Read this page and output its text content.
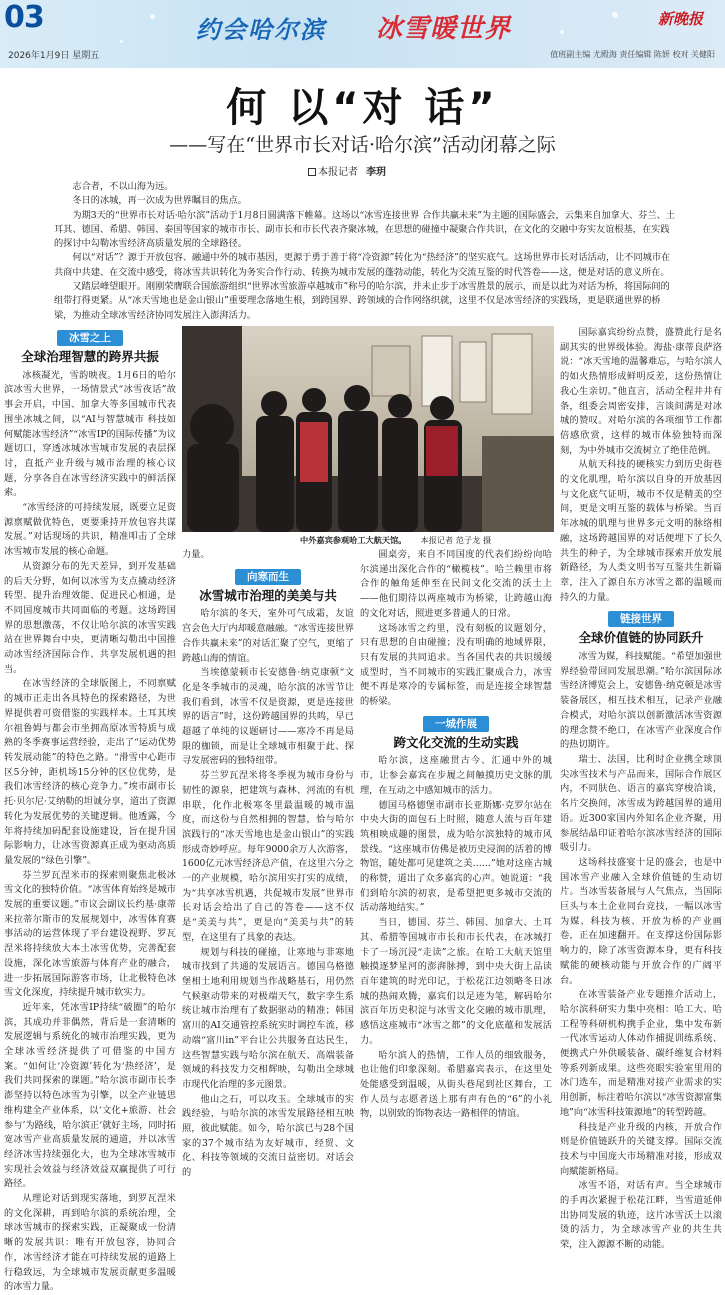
03	约会哈尔滨 冰雪暖世界	新晚报
2026年1月9日 星期五	值班副主编 尤殿海 责任编辑 陈妍 校对 关健阳
何 以“对 话”
——写在“世界市长对话·哈尔滨”活动闭幕之际
本报记者 李玥

志合者，不以山海为远。

冬日的冰城，再一次成为世界瞩目的焦点。

为期3天的“世界市长对话·哈尔滨”活动于1月8日圆满落下帷幕。这场以“冰雪连接世界 合作共赢未来”为主题的国际盛会，云集来自加拿大、芬兰、土耳其、德国、希腊、韩国、泰国等国家的城市市长、副市长和市长代表齐聚冰城，在思想的碰撞中凝聚合作共识，在文化的交融中夯实友谊根基，在实践的探讨中勾勒冰雪经济高质量发展的全球路径。

何以“对话”？源于开放包容、融通中外的城市基因，更源于勇于善于将“冷资源”转化为“热经济”的坚实底气。这场世界市长对话活动，让不同城市在共商中共建、在交流中感受，将冰雪共识转化为务实合作行动、转换为城市发展的蓬勃动能，转化为交流互鉴的时代答卷——这，便是对话的意义所在。

又踏层峰望眼开。刚刚荣膺联合国旅游组织“世界冰雪旅游卓越城市”称号的哈尔滨，并未止步于冰雪胜景的展示，而是以此为对话为桥，将国际间的组带打得更紧。从“冰天雪地也是金山银山”重要理念落地生根，到跨国界、跨领域的合作网络织就，这里不仅是冰雪经济的实践场，更是联通世界的桥梁，为推动全球冰雪经济协同发展注入澎湃活力。

冰雪之上
全球治理智慧的跨界共振

冰核凝光，雪韵映夜。1月6日的哈尔滨冰雪大世界，一场情景式“冰雪夜话”故事会开启，中国、加拿大等多国城市代表围坐冰城之间，以“AI与智慧城市 科技如何赋能冰雪经济”“冰雪IP的国际传播”为议题切口，穿透冰城冰雪城市发展的表层探讨，直抵产业升级与城市治理的核心议题，分享各自在冰雪经济实践中的鲜活探索。

“冰雪经济的可持续发展，既要立足资源禀赋做优特色，更要秉持开放包容共谋发展。”对话现场的共识，精准叩击了全球冰雪城市发展的核心命题。

从资源分布的先天差异，到开发基础的后天分野，如何以冰雪为支点撬动经济转型、提升治理效能、促进民心相通，是不同国度城市共同面临的考题。这场跨国界的思想激荡，不仅让哈尔滨的冰雪实践站在世界舞台中央，更清晰勾勒出中国推动冰雪经济国际合作、共享发展机遇的担当。

在冰雪经济的全球版图上，不同禀赋的城市正走出各具特色的探索路径，为世界提供着可资借鉴的实践样本。土耳其埃尔祖鲁姆与都会市坐拥高原冰雪特质与成熟的冬季赛事运营经验，走出了“运动优势转发展动能”的特色之路。“滑雪中心距市区5分钟，距机场15分钟的区位优势，是我们冰雪经济的核心竞争力。”埃市副市长托·贝尔尼·艾纳勒的坦诚分享，道出了资源转化为发展优势的关键逻辑。他透露，今年将持续加码配套设施建设，旨在提升国际影响力，让冰雪资源真正成为驱动高质量发展的“绿色引擎”。

芬兰罗瓦涅米市的探索则聚焦北极冰雪文化的独特价值。“冰雪体育始终是城市发展的重要议题。”市议会副议长约基·康蒂来拉蒂尔斯市的发展规划中，冰雪体育赛事活动的运营体现了平台建设视野、罗瓦涅米将持续放大本土冰雪优势，完善配套设施，深化冰雪旅游与体育产业的融合，进一步拓展国际游客市场，让北极特色冰雪文化深度，持续提升城市软实力。

近年来，凭冰雪IP持续“破圈”的哈尔滨，其成功并非偶然，背后是一套清晰的发展逻辑与系统化的城市治理实践，更为全球冰雪经济提供了可借鉴的中国方案。“如何让‘冷资源’转化为‘热经济’，是我们共同探索的课题。”哈尔滨市副市长李澎坚持以特色冰雪为引擎，以全产业链思维构建全产业体系，以‘文化+旅游、社会参与’为路线，哈尔滨正‘就好主场，同时拓宽冰雪产业高质量发展的通道，并以冰雪经济冰雪持续强化大，也为全球冰雪城市实现社会效益与经济效益双赢提供了可行路径。

从理论对话到现实落地，到罗瓦涅米的文化深耕，再到哈尔滨的系统治理，全球冰雪城市的探索实践，正凝聚成一份清晰的发展共识：唯有开放包容，协同合作，冰雪经济才能在可持续发展的道路上行稳致远，为全球城市发展贡献更多温暖的冰雪力量。

中外嘉宾参观哈工大航天馆。 本报记者 范子龙 摄

力量。

向寒而生
冰雪城市治理的美美与共

哈尔滨的冬天，室外可气成霜，友谊宫会色大厅内却暖意融融。“冰雪连接世界 合作共赢未来”的对话汇聚了空气，更缩了跨越山海的情谊。

当埃德蒙顿市长安德鲁·纳克康顿“文化是冬季城市的灵魂，哈尔滨的冰雪节让我们看到，冰雪不仅是资源，更是连接世界的语言”时，这份跨越国界的共鸣，早已超越了单纯的议题研讨——寒冷不再是局限的枷锁，而是让全球城市相聚于此、探寻发展密码的独特纽带。

芬兰罗瓦涅米将冬季视为城市身份与韧性的源泉，把建筑与森林、河流的有机串联，化作北极寒冬里最温暖的城市温度，而这份与自然相拥的智慧，恰与哈尔滨践行的“冰天雪地也是金山银山”的实践形成奇妙呼应。每年9000余万人次游客，1600亿元冰雪经济总产值，在这里六分之一的产业规模，哈尔滨用实打实的成绩，为“共享冰雪机遇，共促城市发展”世界市长对话会给出了自己的答卷——这不仅是“美美与共”，更是向“美美与共”的转型，在这里有了具象的表达。

规划与科技的碰撞，让寒地与非寒地城市找到了共通的发展语言。德国乌格德堡相土地利用规划当作战略基石，用仍然气候驱动带来的对极端天气，数字孪生系统让城市治理有了数据驱动的精准；韩国富川的AI交通管控系统实时调控车流，移动端“富川in”平台让公共服务直达民生，这些智慧实践与哈尔滨在航天、高端装备领域的科技发力交相辉映，勾勒出全球城市现代化治理的多元图景。

他山之石，可以攻玉。全球城市的实践经验，与哈尔滨的冰雪发展路径相互映照，彼此赋能。如今，哈尔滨已与28个国家的37个城市结为友好城市，经贸、文化、科技等领域的交流日益密切。对话会的

圆桌旁，来自不同国度的代表们纷纷向哈尔滨递出深化合作的“橄榄枝”。哈兰赖里市将合作的触角延伸至在民间文化交流的沃土上——他们期待以两座城市为桥梁，让跨越山海的文化对话，照进更多普通人的日常。

这场冰雪之约里，没有刻板的议题划分，只有思想的自由碰撞；没有明确的地域界限，只有发展的共同追求。当各国代表的共识缓缓成型时，当不同城市的实践汇聚成合力，冰雪便不再是寒冷的专属标签，而是连接全球智慧的桥梁。

一城作展
跨文化交流的生动实践

哈尔滨，这座融贯古今、汇通中外的城市，让参会嘉宾在步履之间触摸历史文脉的肌理，在互动之中感知城市的活力。

德国马格德堡市副市长亚斯娜·克罗尔站在中央大街的面包石上时照，随意人流与百年建筑相映成趣的图景，成为哈尔滨独特的城市风景线。“这座城市仿佛是被历史浸润的活着的博物馆，随处都可见建筑之美……”她对这座古城的称赞，道出了众多嘉宾的心声。她说道：“我们到哈尔滨的初衷，是希望把更多城市交流的活动落地结实。”

当日，德国、芬兰、韩国、加拿大、土耳其、希腊等国城市市长和市长代表，在冰城打卡了一场沉浸“走读”之旅。在哈工大航天馆里触摸逐梦星河的澎湃脉搏，到中央大街上品读百年建筑的时光印记，于松花江边领略冬日冰城的热闹欢腾，嘉宾们以足迹为笔，解码哈尔滨百年历史积淀与冰雪文化交融的城市肌理，感悟这座城市“冰雪之都”的文化底蕴和发展活力。

哈尔滨人的热情，工作人员的细致服务，也让他们印象深刻。希腊嘉宾表示，在这里处处能感受到温暖，从街头巷尾到社区舞台，工作人员与志愿者送上那有声有色的“6”的小礼物，以别致的饰物表达一路相伴的情谊。

国际嘉宾纷纷点赞，盛赞此行是名副其实的世界级体验。海盐·康蒂良萨洛说：“冰天雪地的温馨难忘，与哈尔滨人的如火热情形成鲜明反差，这份热情让我心生亲切。”他直言，活动全程井井有条，组委会周密安排，言谈间满是对冰城的赞叹。对哈尔滨的各项细节工作都倍感欣赏，这样的城市体验独特而深刻，为中外城市交流树立了绝佳范例。

从航天科技的硬核实力到历史街巷的文化肌理，哈尔滨以自身的开放基因与文化底气证明，城市不仅是精美的空间，更是文明互鉴的载体与桥梁。当百年冰城的肌理与世界多元文明的脉络相融，这场跨越国界的对话便埋下了长久共生的种子，为全球城市探索开放发展新路径，为人类文明书写互鉴共生新篇章，注入了源自东方冰雪之都的温暖而持久的力量。

链接世界
全球价值链的协同跃升

冰雪为媒，科技赋能。“希望加强世界经验带回同发展思潮。”哈尔滨国际冰雪经济博览会上，安德鲁·纳克顿是冰雪装备展区，相互技术相互，记录产业融合模式，对哈尔滨以创新激活冰雪资源的理念赞不绝口，在冰雪产业深度合作的热切期许。

瑞士、法国，比利时企业携全球顶尖冰雪技术与产品而来，国际合作展区内，不同肤色、语言的嘉宾穿梭洽谈，名片交换间，冰雪成为跨越国界的通用语。近300家国内外知名企业齐聚，用参展结晶印证着哈尔滨冰雪经济的国际吸引力。

这场科技盛宴十足的盛会，也是中国冰雪产业融入全球价值链的生动切片。当冰雪装备展与人气焦点，当国际巨头与本土企业同台竞技，一幅以冰雪为媒、科技为核、开放为桥的产业画卷，正在加速翻开。在支撑这份国际影响力的，除了冰雪资源本身，更有科技赋能的硬核动能与开放合作的广阔平台。

在冰雪装备产业专题推介活动上，哈尔滨科研实力集中亮相：哈工大、哈工程等科研机构携手企业，集中发布新一代冰雪运动人体动作捕捉训练系统、便携式户外供暖装备、碳纤维复合材料等系列新成果。这些亮眼实验室里用的冰门选车，而是精准对接产业需求的实用创新，标注着哈尔滨以“冰雪资源富集地”向“冰雪科技策源地”的转型跨越。

科技是产业升级的内核，开放合作则是价值链跃升的关键支撑。国际交流技术与中国庞大市场精准对接，形成双向赋能新格局。

冰雪不语，对话有声。当全球城市的手再次紧握于松花江畔，当雪道延伸出协同发展的轨迹，这片冰雪沃土以滚烫的活力，为全球冰雪产业的共生共荣，注入源源不断的动能。
